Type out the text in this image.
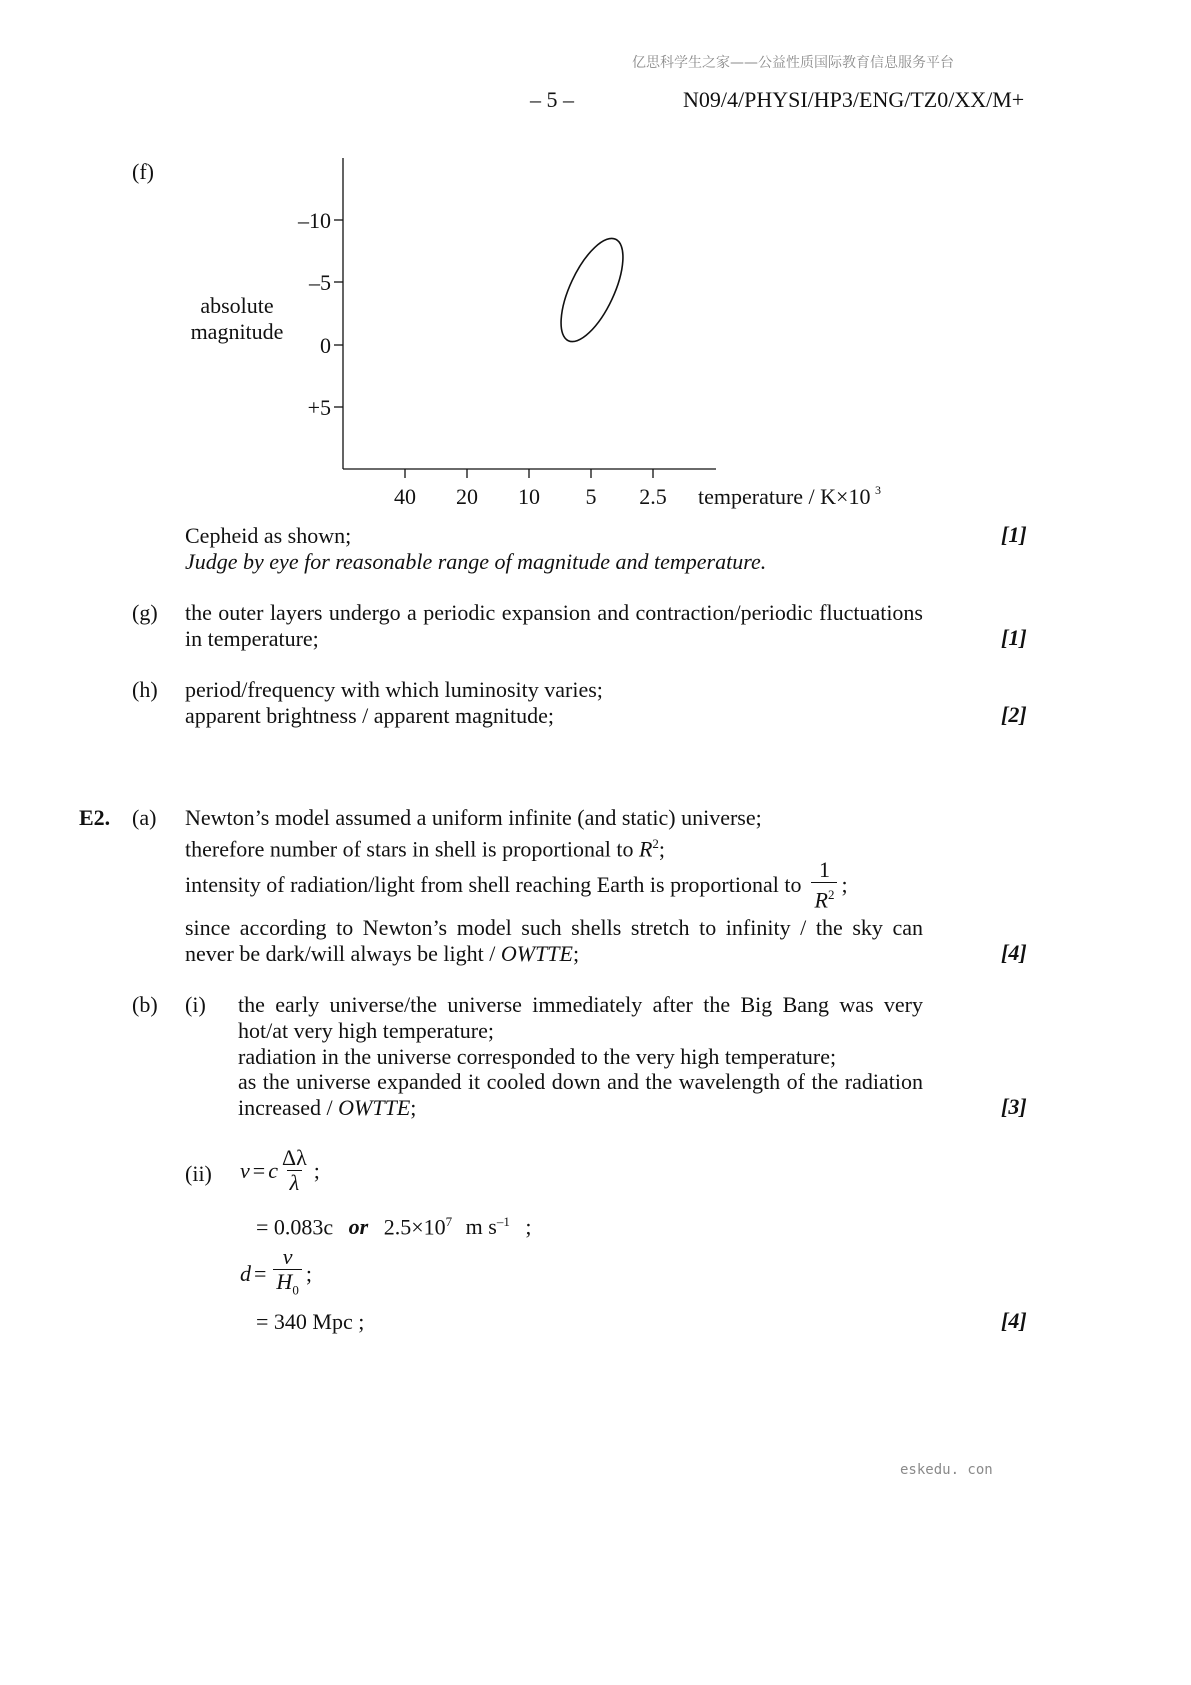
亿思科学生之家——公益性质国际教育信息服务平台
– 5 –	N09/4/PHYSI/HP3/ENG/TZ0/XX/M+
(f)
–10
–5
0
+5
absolute
magnitude
40 20 10 5 2.5 temperature / K×10 3
Cepheid as shown;
Judge by eye for reasonable range of magnitude and temperature.
[1]
(g) the outer layers undergo a periodic expansion and contraction/periodic fluctuations
in temperature;	[1]
(h) period/frequency with which luminosity varies;
apparent brightness / apparent magnitude;	[2]
E2. (a) Newton’s model assumed a uniform infinite (and static) universe;
therefore number of stars in shell is proportional to $R^2$;
intensity of radiation/light from shell reaching Earth is proportional to $\frac{1}{R^2}$ ;
since according to Newton’s model such shells stretch to infinity / the sky can
never be dark/will always be light / OWTTE;	[4]
(b) (i) the early universe/the universe immediately after the Big Bang was very
hot/at very high temperature;
radiation in the universe corresponded to the very high temperature;
as the universe expanded it cooled down and the wavelength of the radiation
increased / OWTTE;	[3]
(ii) v = c $\frac{\Delta\lambda}{\lambda}$ ;
= 0.083c or $2.5\times 10^7$ m $s^{-1}$ ;
$d = \frac{v}{H_0}$ ;
= 340 Mpc ;	[4]
eskedu. con
